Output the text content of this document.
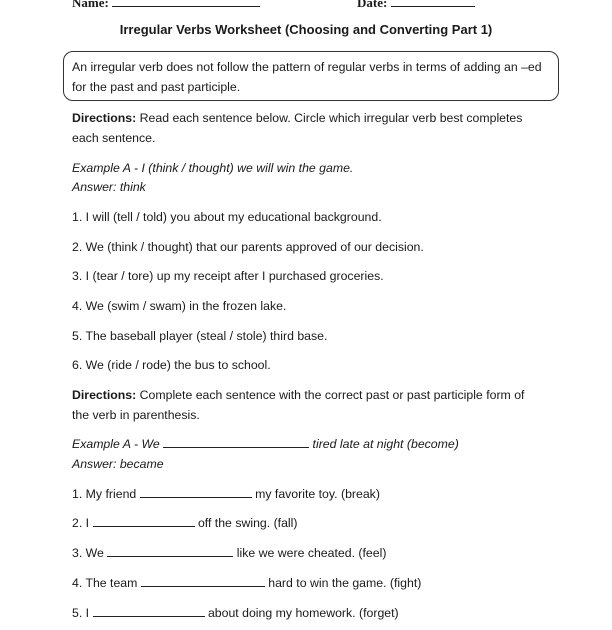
Name:	Date:
Irregular Verbs Worksheet (Choosing and Converting Part 1)
An irregular verb does not follow the pattern of regular verbs in terms of adding an –ed for the past and past participle.
Directions: Read each sentence below. Circle which irregular verb best completes each sentence.
Example A - I (think / thought) we will win the game.
Answer: think
1. I will (tell / told) you about my educational background.
2. We (think / thought) that our parents approved of our decision.
3. I (tear / tore) up my receipt after I purchased groceries.
4. We (swim / swam) in the frozen lake.
5. The baseball player (steal / stole) third base.
6. We (ride / rode) the bus to school.
Directions: Complete each sentence with the correct past or past participle form of the verb in parenthesis.
Example A - We	tired late at night (become)
Answer: became
1. My friend	my favorite toy. (break)
2. I	off the swing. (fall)
3. We	like we were cheated. (feel)
4. The team	hard to win the game. (fight)
5. I	about doing my homework. (forget)
